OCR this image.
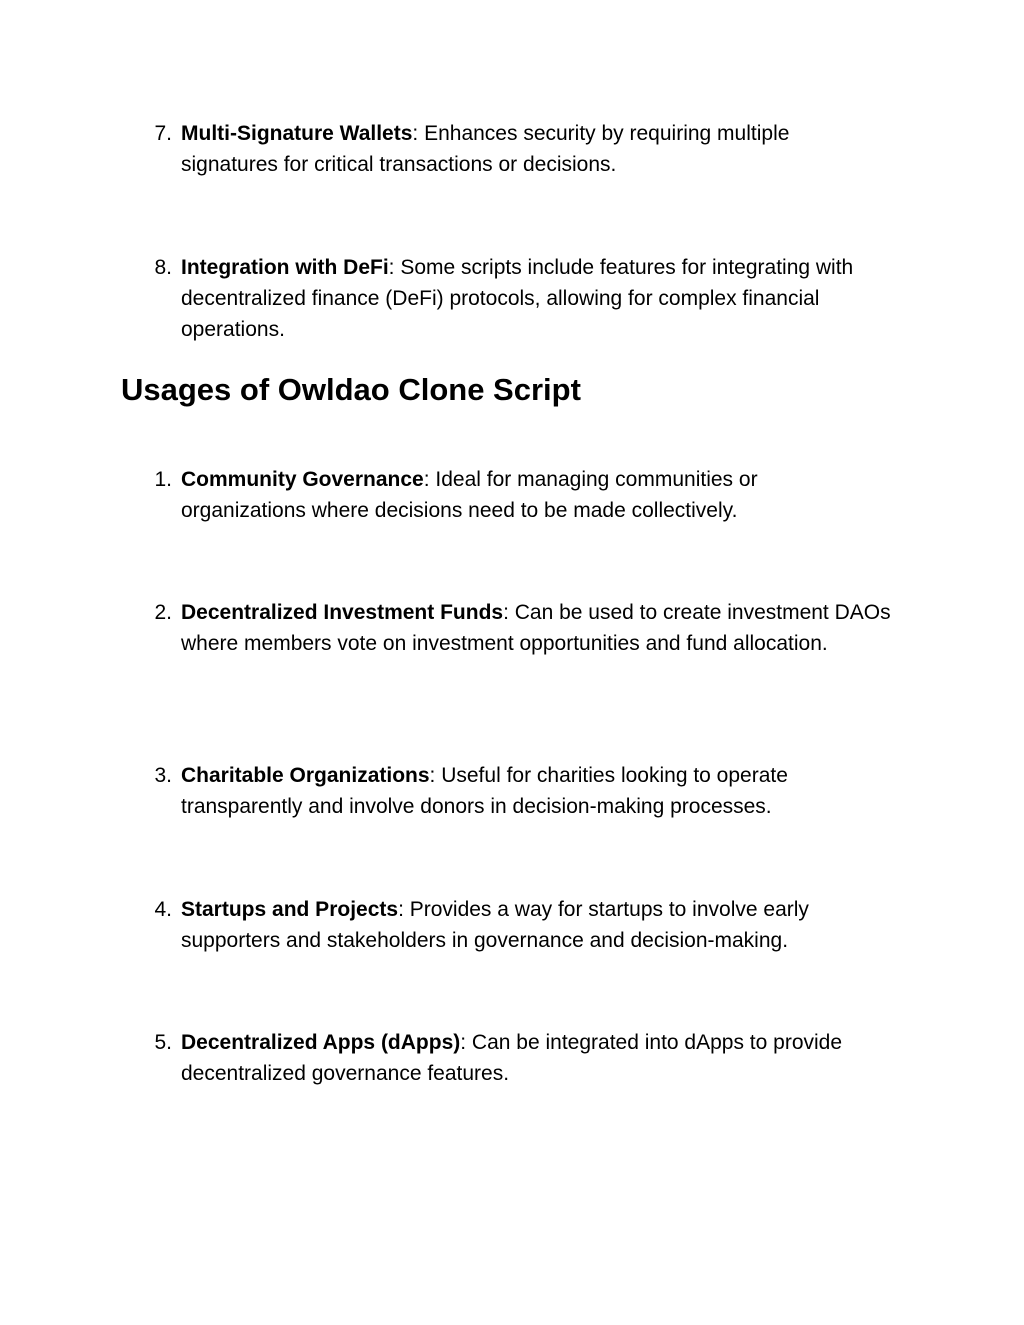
7. Multi-Signature Wallets: Enhances security by requiring multiple signatures for critical transactions or decisions.
8. Integration with DeFi: Some scripts include features for integrating with decentralized finance (DeFi) protocols, allowing for complex financial operations.
Usages of Owldao Clone Script
1. Community Governance: Ideal for managing communities or organizations where decisions need to be made collectively.
2. Decentralized Investment Funds: Can be used to create investment DAOs where members vote on investment opportunities and fund allocation.
3. Charitable Organizations: Useful for charities looking to operate transparently and involve donors in decision-making processes.
4. Startups and Projects: Provides a way for startups to involve early supporters and stakeholders in governance and decision-making.
5. Decentralized Apps (dApps): Can be integrated into dApps to provide decentralized governance features.
